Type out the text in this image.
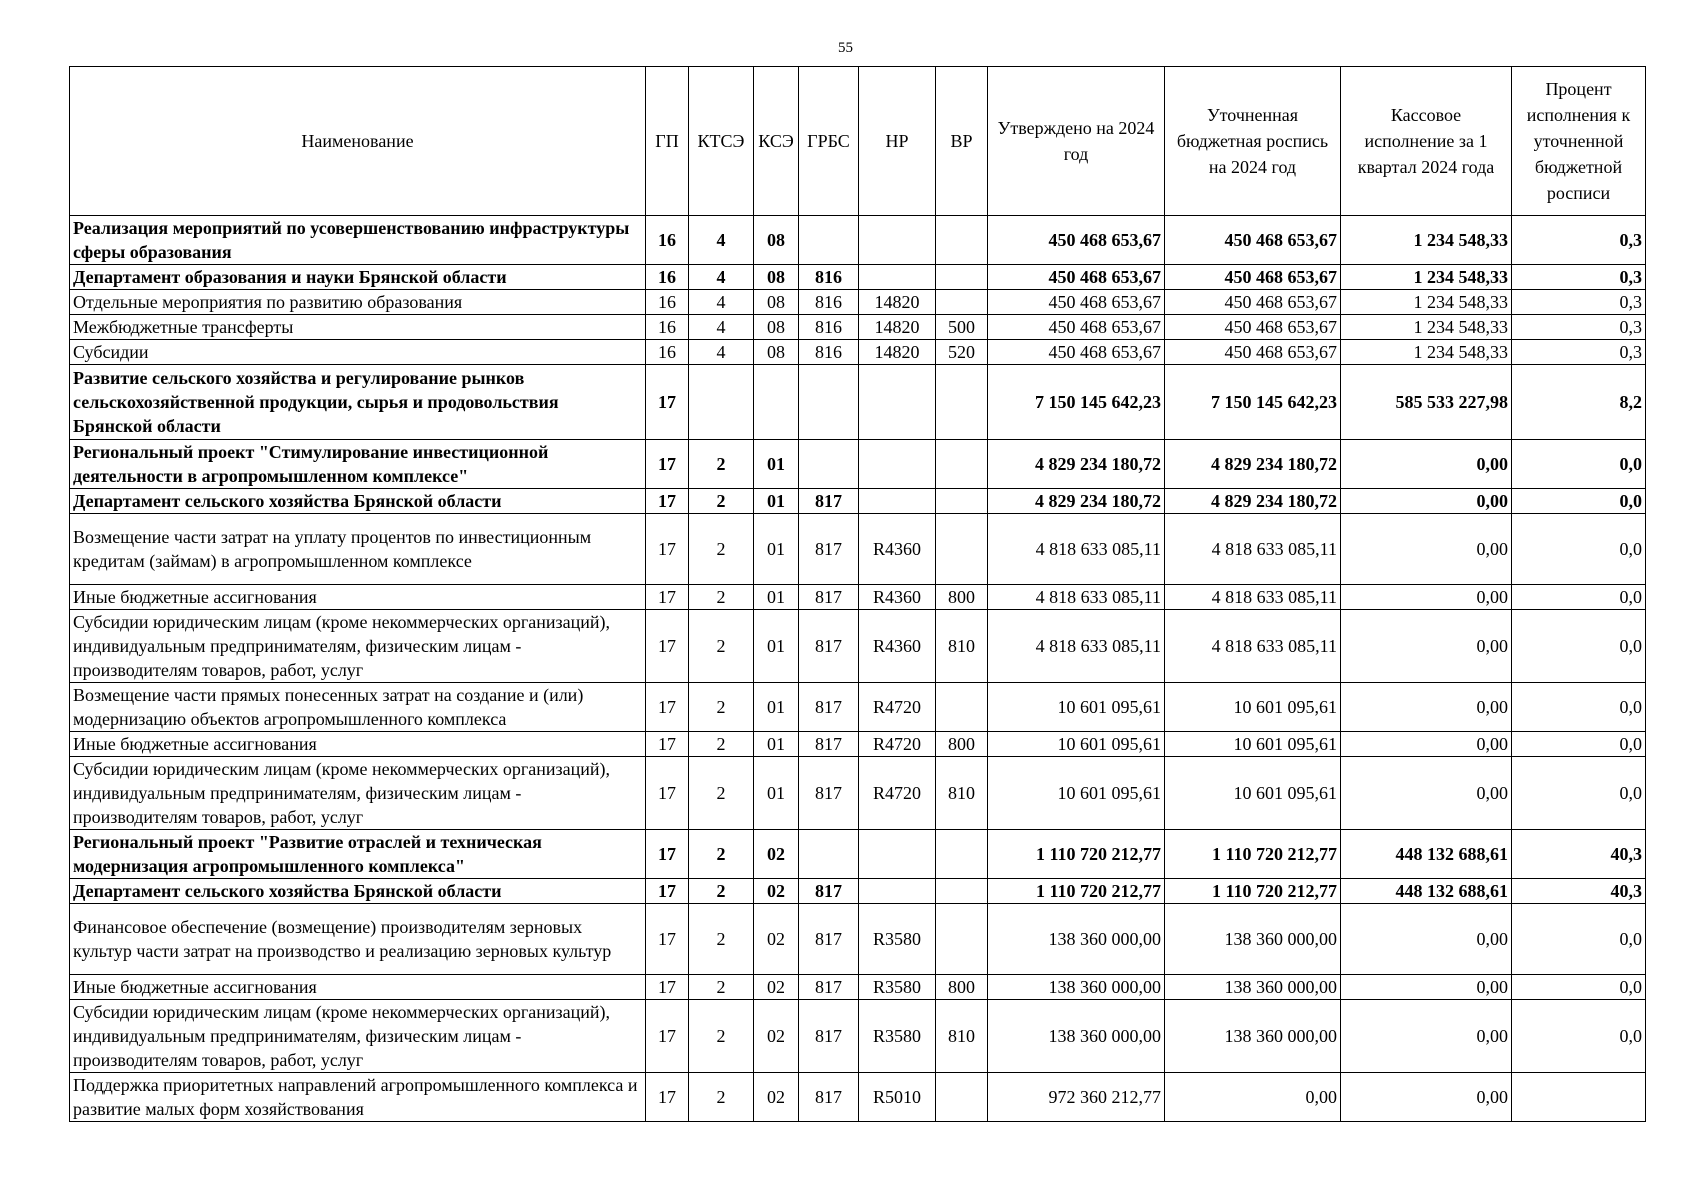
55
Наименование	ГП	КТСЭ	КСЭ	ГРБС	НР	ВР	Утверждено на 2024 год	Уточненная бюджетная роспись на 2024 год	Кассовое исполнение за 1 квартал 2024 года	Процент исполнения к уточненной бюджетной росписи
Реализация мероприятий по усовершенствованию инфраструктуры сферы образования	16	4	08				450 468 653,67	450 468 653,67	1 234 548,33	0,3
Департамент образования и науки Брянской области	16	4	08	816			450 468 653,67	450 468 653,67	1 234 548,33	0,3
Отдельные мероприятия по развитию образования	16	4	08	816	14820		450 468 653,67	450 468 653,67	1 234 548,33	0,3
Межбюджетные трансферты	16	4	08	816	14820	500	450 468 653,67	450 468 653,67	1 234 548,33	0,3
Субсидии	16	4	08	816	14820	520	450 468 653,67	450 468 653,67	1 234 548,33	0,3
Развитие сельского хозяйства и регулирование рынков сельскохозяйственной продукции, сырья и продовольствия Брянской области	17						7 150 145 642,23	7 150 145 642,23	585 533 227,98	8,2
Региональный проект "Стимулирование инвестиционной деятельности в агропромышленном комплексе"	17	2	01				4 829 234 180,72	4 829 234 180,72	0,00	0,0
Департамент сельского хозяйства Брянской области	17	2	01	817			4 829 234 180,72	4 829 234 180,72	0,00	0,0
Возмещение части затрат на уплату процентов по инвестиционным кредитам (займам) в агропромышленном комплексе	17	2	01	817	R4360		4 818 633 085,11	4 818 633 085,11	0,00	0,0
Иные бюджетные ассигнования	17	2	01	817	R4360	800	4 818 633 085,11	4 818 633 085,11	0,00	0,0
Субсидии юридическим лицам (кроме некоммерческих организаций), индивидуальным предпринимателям, физическим лицам - производителям товаров, работ, услуг	17	2	01	817	R4360	810	4 818 633 085,11	4 818 633 085,11	0,00	0,0
Возмещение части прямых понесенных затрат на создание и (или) модернизацию объектов агропромышленного комплекса	17	2	01	817	R4720		10 601 095,61	10 601 095,61	0,00	0,0
Иные бюджетные ассигнования	17	2	01	817	R4720	800	10 601 095,61	10 601 095,61	0,00	0,0
Субсидии юридическим лицам (кроме некоммерческих организаций), индивидуальным предпринимателям, физическим лицам - производителям товаров, работ, услуг	17	2	01	817	R4720	810	10 601 095,61	10 601 095,61	0,00	0,0
Региональный проект "Развитие отраслей и техническая модернизация агропромышленного комплекса"	17	2	02				1 110 720 212,77	1 110 720 212,77	448 132 688,61	40,3
Департамент сельского хозяйства Брянской области	17	2	02	817			1 110 720 212,77	1 110 720 212,77	448 132 688,61	40,3
Финансовое обеспечение (возмещение) производителям зерновых культур части затрат на производство и реализацию зерновых культур	17	2	02	817	R3580		138 360 000,00	138 360 000,00	0,00	0,0
Иные бюджетные ассигнования	17	2	02	817	R3580	800	138 360 000,00	138 360 000,00	0,00	0,0
Субсидии юридическим лицам (кроме некоммерческих организаций), индивидуальным предпринимателям, физическим лицам - производителям товаров, работ, услуг	17	2	02	817	R3580	810	138 360 000,00	138 360 000,00	0,00	0,0
Поддержка приоритетных направлений агропромышленного комплекса и развитие малых форм хозяйствования	17	2	02	817	R5010		972 360 212,77	0,00	0,00	
